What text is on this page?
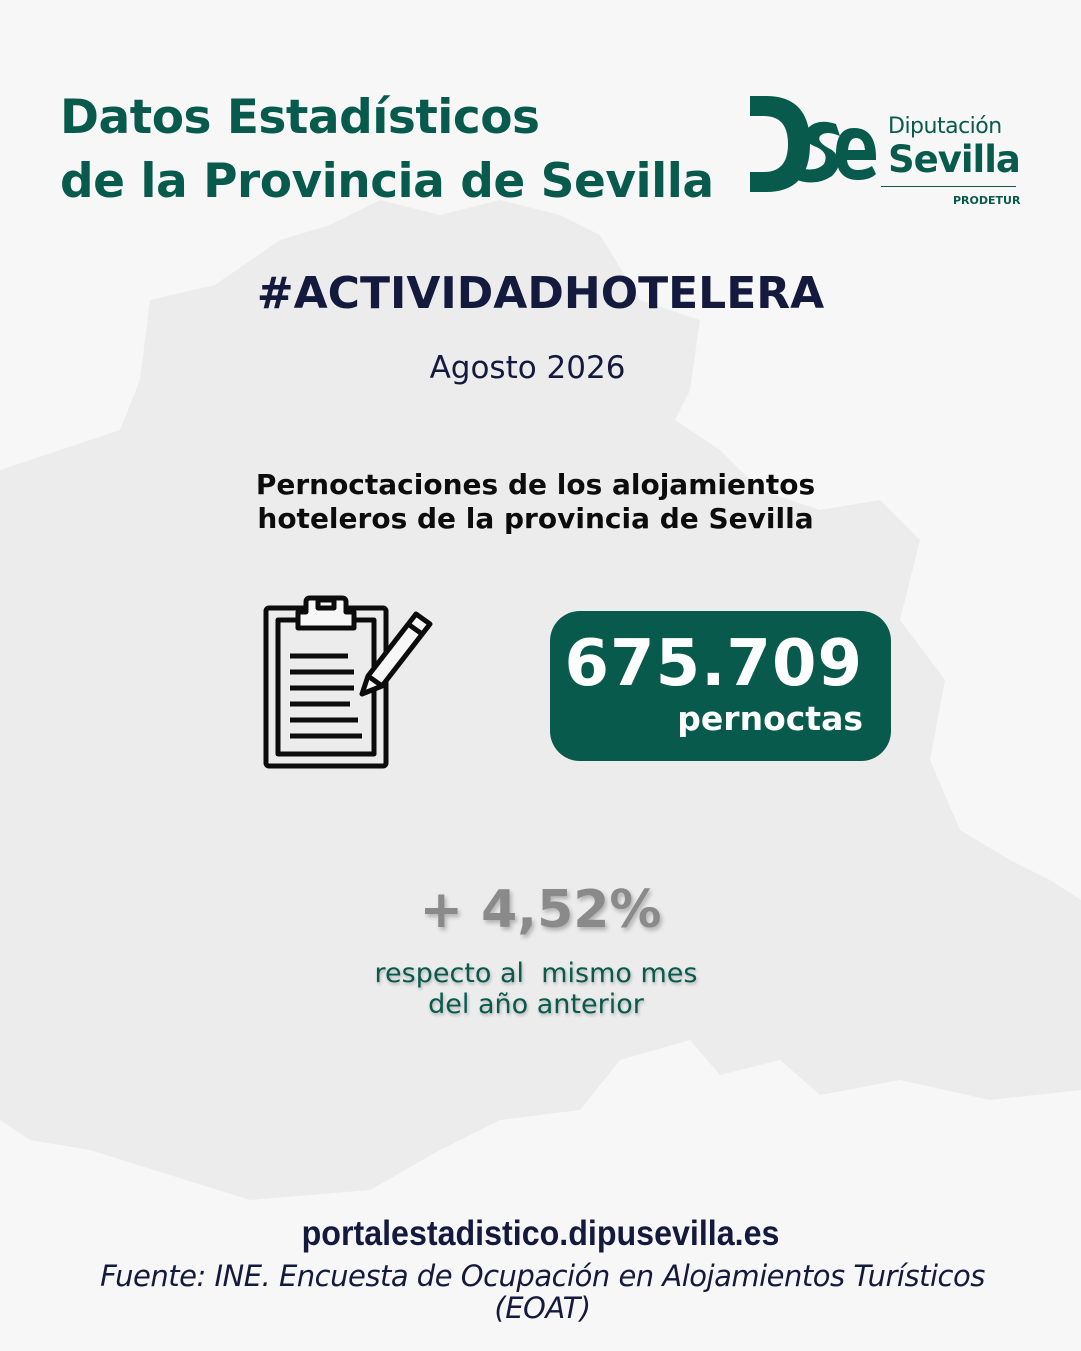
Datos Estadísticos
de la Provincia de Sevilla
Diputación
Sevilla
PRODETUR
#ACTIVIDADHOTELERA
Agosto 2026
Pernoctaciones de los alojamientos
hoteleros de la provincia de Sevilla
675.709
pernoctas
+ 4,52%
respecto al  mismo mes
del año anterior
portalestadistico.dipusevilla.es
Fuente: INE. Encuesta de Ocupación en Alojamientos Turísticos (EOAT)
